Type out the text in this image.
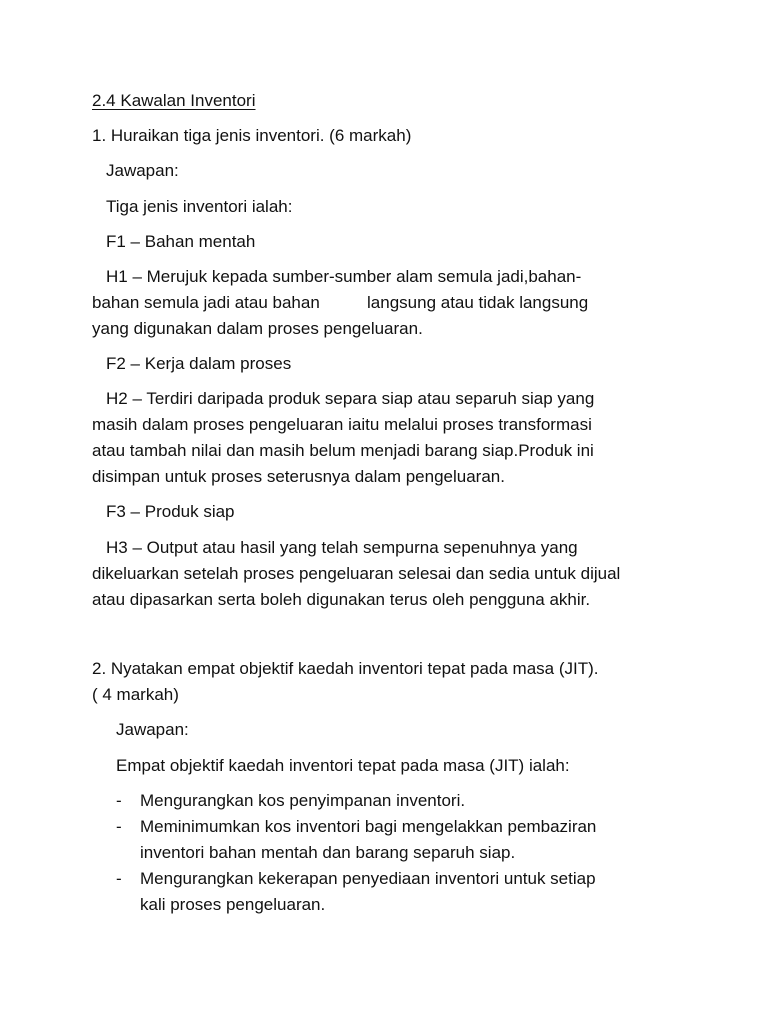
2.4 Kawalan Inventori

1. Huraikan tiga jenis inventori. (6 markah)

Jawapan:

Tiga jenis inventori ialah:

F1 – Bahan mentah

H1 – Merujuk kepada sumber-sumber alam semula jadi,bahan-

bahan semula jadi atau bahan          langsung atau tidak langsung

yang digunakan dalam proses pengeluaran.

F2 – Kerja dalam proses

H2 – Terdiri daripada produk separa siap atau separuh siap yang

masih dalam proses pengeluaran iaitu melalui proses transformasi

atau tambah nilai dan masih belum menjadi barang siap.Produk ini

disimpan untuk proses seterusnya dalam pengeluaran.

F3 – Produk siap

H3 – Output atau hasil yang telah sempurna sepenuhnya yang

dikeluarkan setelah proses pengeluaran selesai dan sedia untuk dijual

atau dipasarkan serta boleh digunakan terus oleh pengguna akhir.

2. Nyatakan empat objektif kaedah inventori tepat pada masa (JIT).

( 4 markah)

Jawapan:

Empat objektif kaedah inventori tepat pada masa (JIT) ialah:

- Mengurangkan kos penyimpanan inventori.

- Meminimumkan kos inventori bagi mengelakkan pembaziran

inventori bahan mentah dan barang separuh siap.

- Mengurangkan kekerapan penyediaan inventori untuk setiap

kali proses pengeluaran.
